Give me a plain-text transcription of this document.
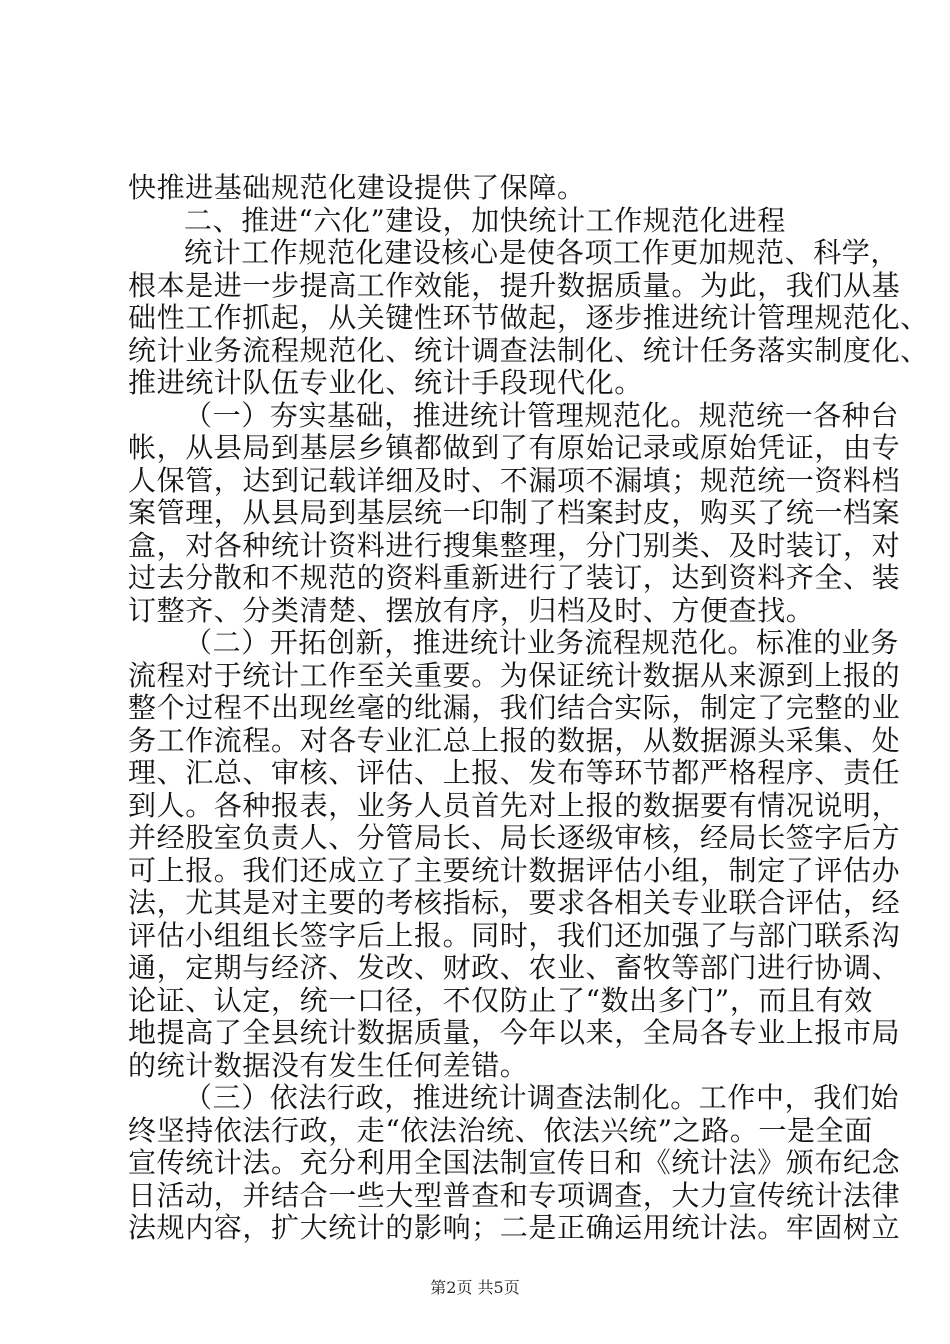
快推进基础规范化建设提供了保障。
二、推进“六化”建设，加快统计工作规范化进程
统计工作规范化建设核心是使各项工作更加规范、科学，
根本是进一步提高工作效能，提升数据质量。为此，我们从基
础性工作抓起，从关键性环节做起，逐步推进统计管理规范化、
统计业务流程规范化、统计调查法制化、统计任务落实制度化、
推进统计队伍专业化、统计手段现代化。
（一）夯实基础，推进统计管理规范化。规范统一各种台
帐，从县局到基层乡镇都做到了有原始记录或原始凭证，由专
人保管，达到记载详细及时、不漏项不漏填；规范统一资料档
案管理，从县局到基层统一印制了档案封皮，购买了统一档案
盒，对各种统计资料进行搜集整理，分门别类、及时装订，对
过去分散和不规范的资料重新进行了装订，达到资料齐全、装
订整齐、分类清楚、摆放有序，归档及时、方便查找。
（二）开拓创新，推进统计业务流程规范化。标准的业务
流程对于统计工作至关重要。为保证统计数据从来源到上报的
整个过程不出现丝毫的纰漏，我们结合实际，制定了完整的业
务工作流程。对各专业汇总上报的数据，从数据源头采集、处
理、汇总、审核、评估、上报、发布等环节都严格程序、责任
到人。各种报表，业务人员首先对上报的数据要有情况说明，
并经股室负责人、分管局长、局长逐级审核，经局长签字后方
可上报。我们还成立了主要统计数据评估小组，制定了评估办
法，尤其是对主要的考核指标，要求各相关专业联合评估，经
评估小组组长签字后上报。同时，我们还加强了与部门联系沟
通，定期与经济、发改、财政、农业、畜牧等部门进行协调、
论证、认定，统一口径，不仅防止了“数出多门”，而且有效
地提高了全县统计数据质量，今年以来，全局各专业上报市局
的统计数据没有发生任何差错。
（三）依法行政，推进统计调查法制化。工作中，我们始
终坚持依法行政，走“依法治统、依法兴统”之路。一是全面
宣传统计法。充分利用全国法制宣传日和《统计法》颁布纪念
日活动，并结合一些大型普查和专项调查，大力宣传统计法律
法规内容，扩大统计的影响；二是正确运用统计法。牢固树立
第2页 共5页
